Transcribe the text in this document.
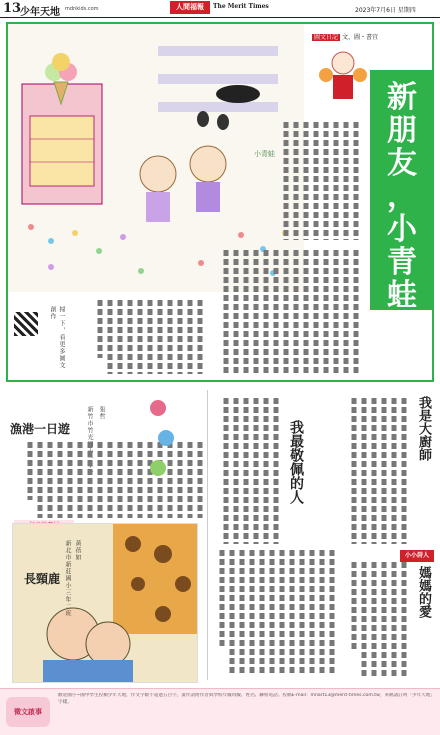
13
少年天地 mdnkids.com	人間福報	The Merit Times
2023年7月6日 星期四
小青蛙
圖文日記 文、圖・書宜
新
朋
友
，
小
青
蛙
掃一下，看更多圖文創作
漁港一日遊
張哲
新竹市竹光 一
長頸鹿
黃蓓如
新北市新莊國小三年二班
我最敬佩的人	我是大廚師
小小詩人
媽媽的愛
徵文啟事
歡迎國小~國中學生投稿少年天地，作文字數不超過五百字，畫作請附作者與學校年級班級、姓名、聯絡電話。投稿E-mail：mnart13@merit-times.com.tw，來稿請註明「少年天地」字樣。
